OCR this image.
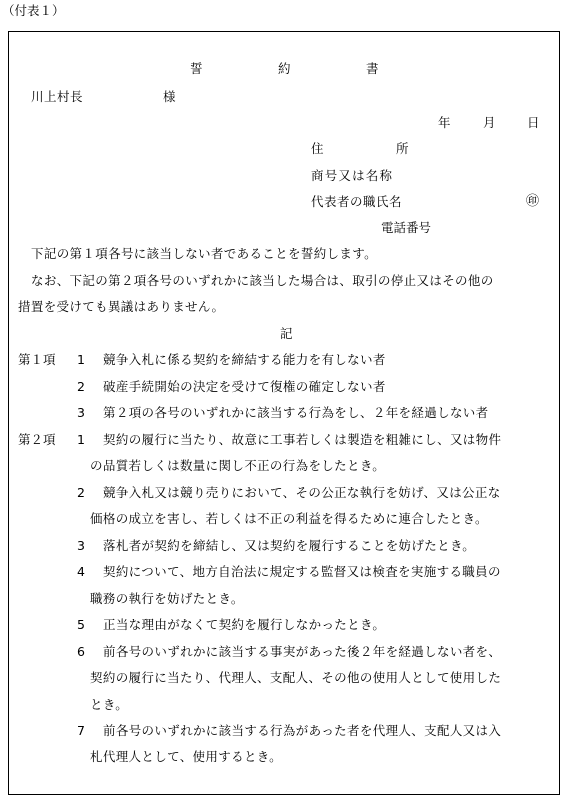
（付表１）
誓	約	書
川上村長	様
年	月	日
住	所
商号又は名称
代表者の職氏名	㊞
電話番号
下記の第１項各号に該当しない者であることを誓約します。
なお、下記の第２項各号のいずれかに該当した場合は、取引の停止又はその他の
措置を受けても異議はありません。
記
第１項 1 競争入札に係る契約を締結する能力を有しない者
2 破産手続開始の決定を受けて復権の確定しない者
3 第２項の各号のいずれかに該当する行為をし、２年を経過しない者
第２項 1 契約の履行に当たり、故意に工事若しくは製造を粗雑にし、又は物件
の品質若しくは数量に関し不正の行為をしたとき。
2 競争入札又は競り売りにおいて、その公正な執行を妨げ、又は公正な
価格の成立を害し、若しくは不正の利益を得るために連合したとき。
3 落札者が契約を締結し、又は契約を履行することを妨げたとき。
4 契約について、地方自治法に規定する監督又は検査を実施する職員の
職務の執行を妨げたとき。
5 正当な理由がなくて契約を履行しなかったとき。
6 前各号のいずれかに該当する事実があった後２年を経過しない者を、
契約の履行に当たり、代理人、支配人、その他の使用人として使用した
とき。
7 前各号のいずれかに該当する行為があった者を代理人、支配人又は入
札代理人として、使用するとき。
